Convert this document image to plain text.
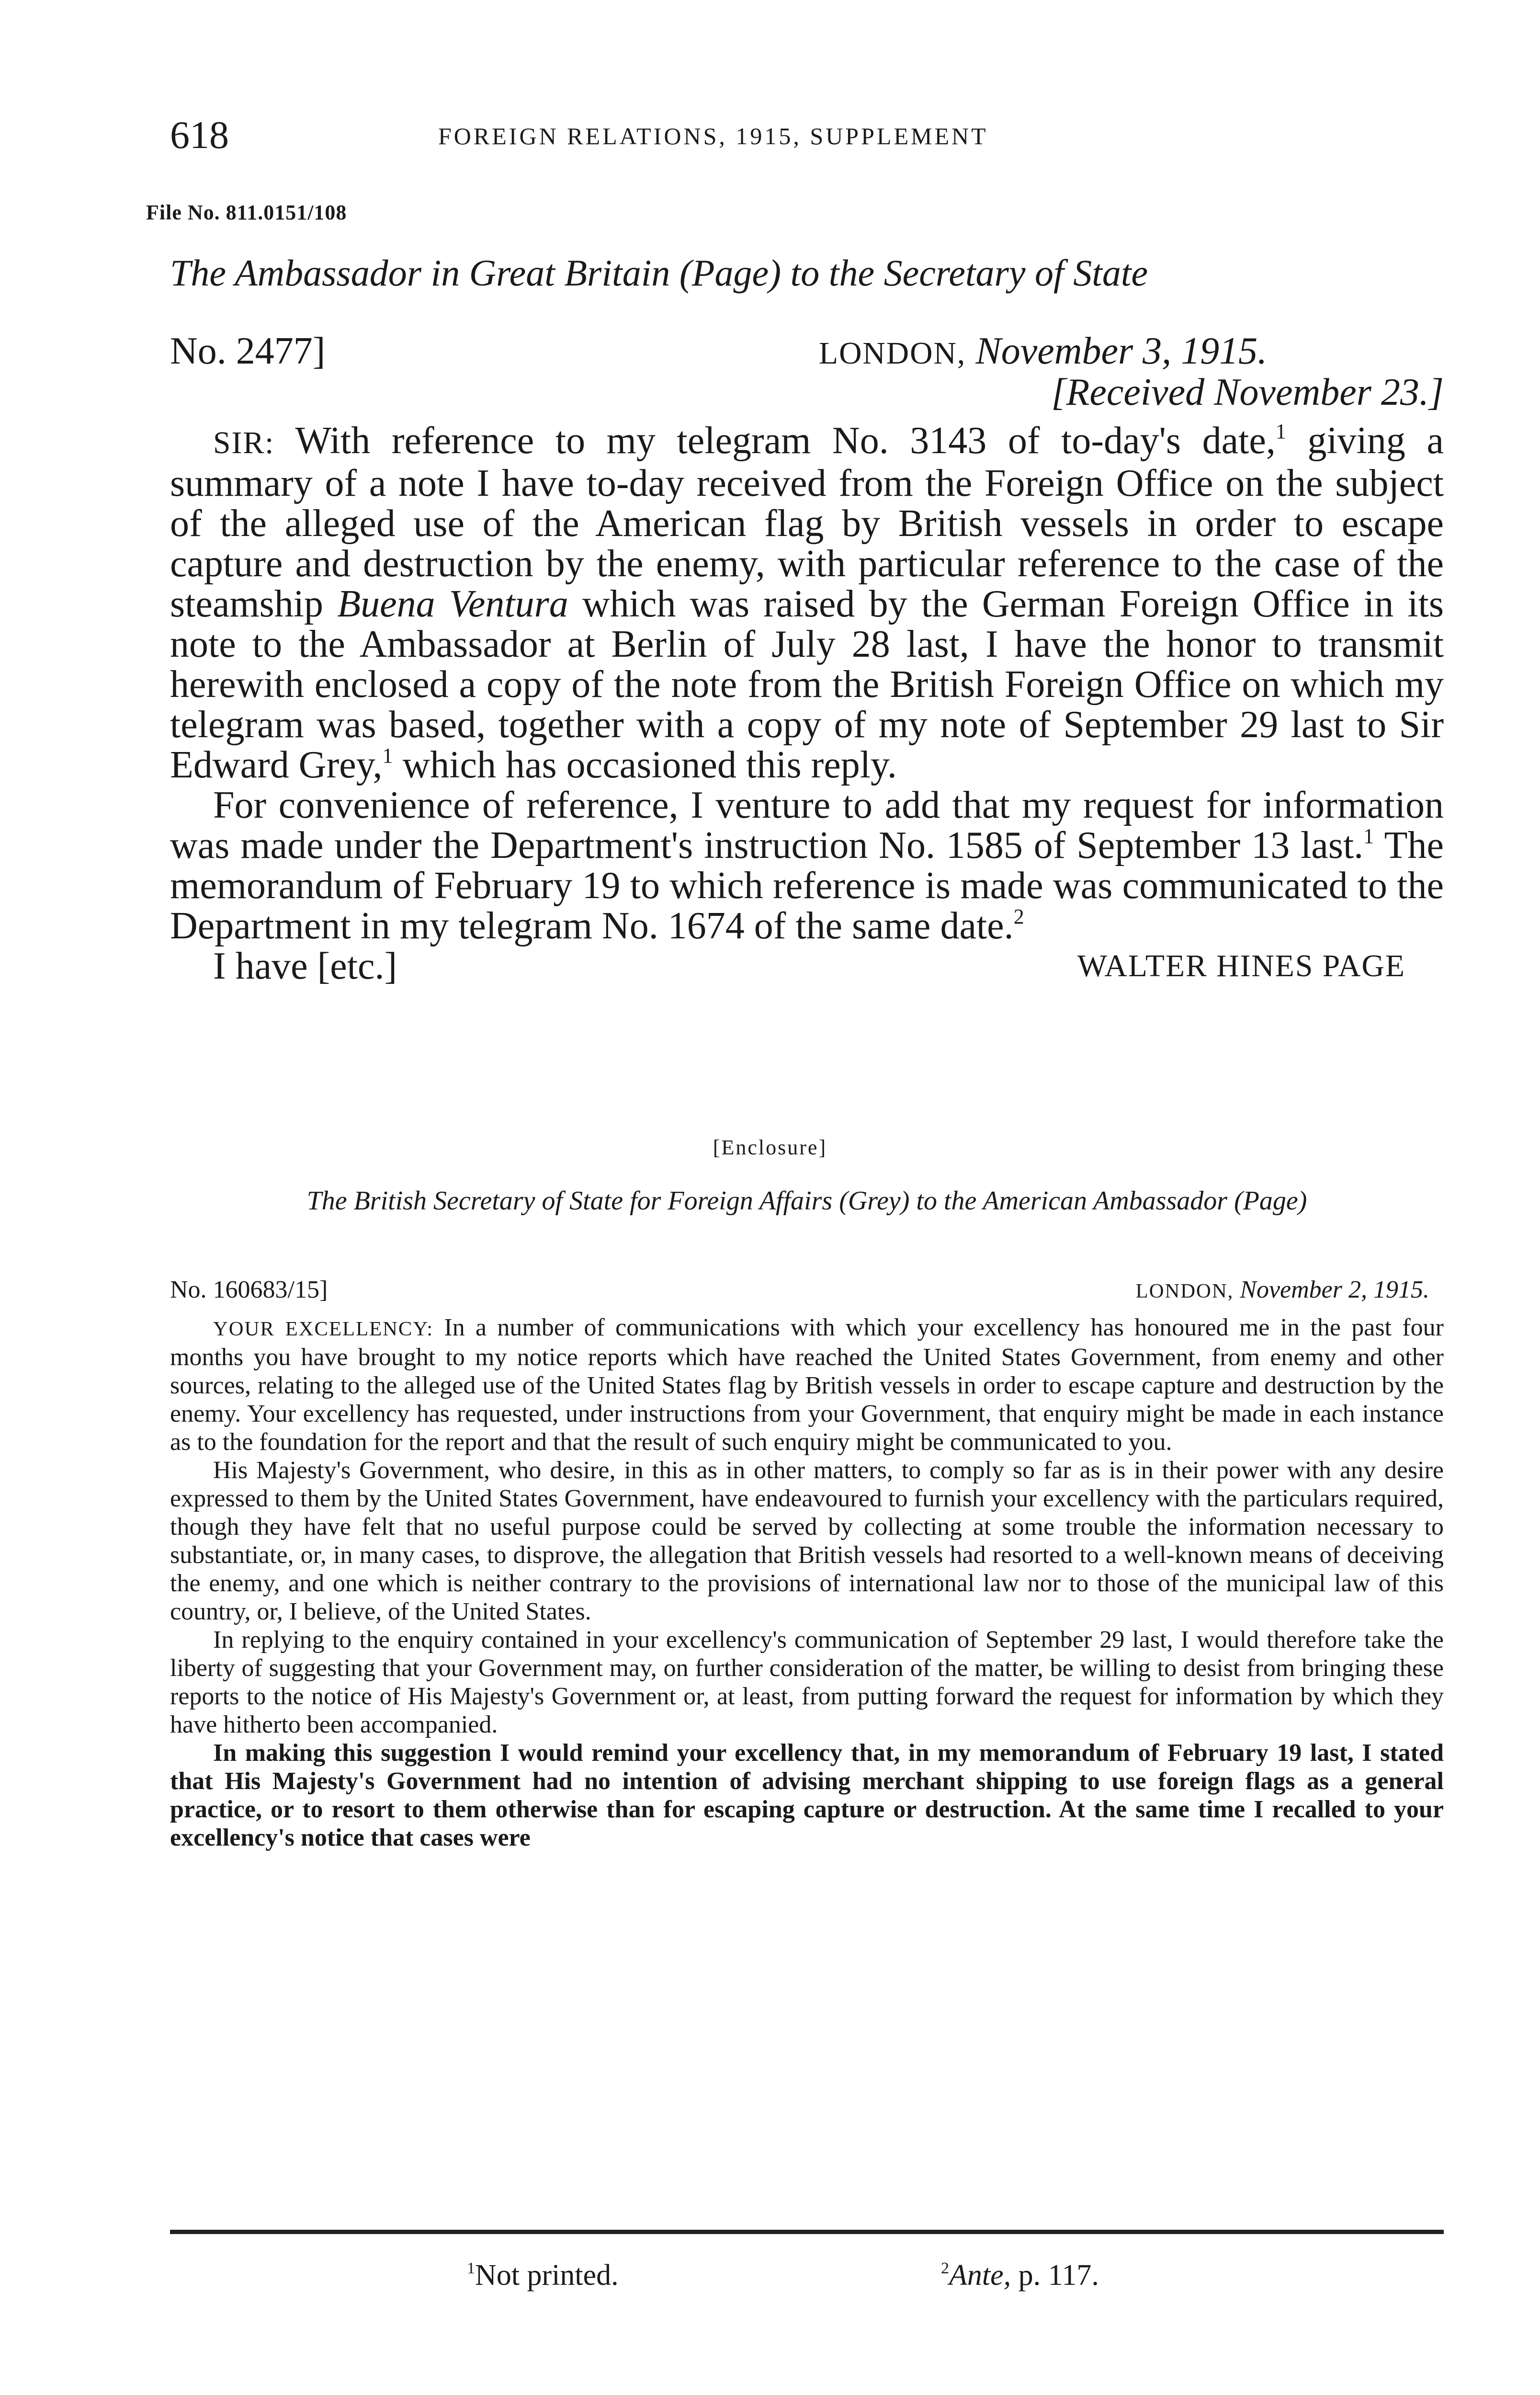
618	FOREIGN RELATIONS, 1915, SUPPLEMENT
File No. 811.0151/108
The Ambassador in Great Britain (Page) to the Secretary of State
No. 2477]	LONDON, November 3, 1915.
[Received November 23.]

SIR: With reference to my telegram No. 3143 of to-day's date,$^1$ giving a summary of a note I have to-day received from the Foreign Office on the subject of the alleged use of the American flag by British vessels in order to escape capture and destruction by the enemy, with particular reference to the case of the steamship Buena Ventura which was raised by the German Foreign Office in its note to the Ambassador at Berlin of July 28 last, I have the honor to transmit herewith enclosed a copy of the note from the British Foreign Office on which my telegram was based, together with a copy of my note of September 29 last to Sir Edward Grey,$^1$ which has occasioned this reply.

For convenience of reference, I venture to add that my request for information was made under the Department's instruction No. 1585 of September 13 last.$^1$ The memorandum of February 19 to which reference is made was communicated to the Department in my telegram No. 1674 of the same date.$^2$

I have [etc.]	WALTER HINES PAGE
[Enclosure]
The British Secretary of State for Foreign Affairs (Grey) to the American Ambassador (Page)
No. 160683/15]	LONDON, November 2, 1915.

YOUR EXCELLENCY: In a number of communications with which your excellency has honoured me in the past four months you have brought to my notice reports which have reached the United States Government, from enemy and other sources, relating to the alleged use of the United States flag by British vessels in order to escape capture and destruction by the enemy. Your excellency has requested, under instructions from your Government, that enquiry might be made in each instance as to the foundation for the report and that the result of such enquiry might be communicated to you.

His Majesty's Government, who desire, in this as in other matters, to comply so far as is in their power with any desire expressed to them by the United States Government, have endeavoured to furnish your excellency with the particulars required, though they have felt that no useful purpose could be served by collecting at some trouble the information necessary to substantiate, or, in many cases, to disprove, the allegation that British vessels had resorted to a well-known means of deceiving the enemy, and one which is neither contrary to the provisions of international law nor to those of the municipal law of this country, or, I believe, of the United States.

In replying to the enquiry contained in your excellency's communication of September 29 last, I would therefore take the liberty of suggesting that your Government may, on further consideration of the matter, be willing to desist from bringing these reports to the notice of His Majesty's Government or, at least, from putting forward the request for information by which they have hitherto been accompanied.

In making this suggestion I would remind your excellency that, in my memorandum of February 19 last, I stated that His Majesty's Government had no intention of advising merchant shipping to use foreign flags as a general practice, or to resort to them otherwise than for escaping capture or destruction. At the same time I recalled to your excellency's notice that cases were

$^1$Not printed.	$^2$Ante, p. 117.
